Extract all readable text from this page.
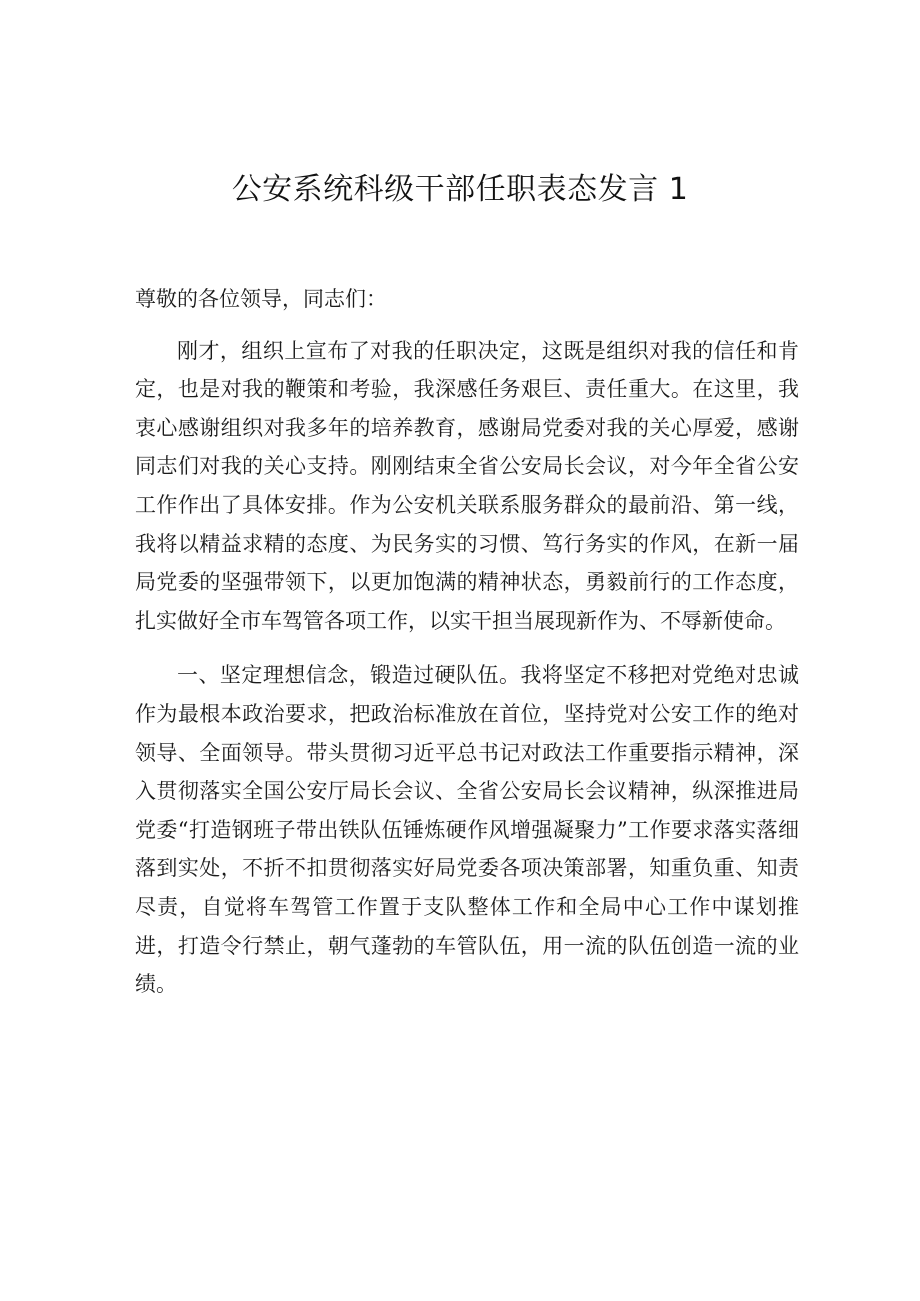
公安系统科级干部任职表态发言 1

尊敬的各位领导，同志们：

刚才，组织上宣布了对我的任职决定，这既是组织对我的信任和肯定，也是对我的鞭策和考验，我深感任务艰巨、责任重大。在这里，我衷心感谢组织对我多年的培养教育，感谢局党委对我的关心厚爱，感谢同志们对我的关心支持。刚刚结束全省公安局长会议，对今年全省公安工作作出了具体安排。作为公安机关联系服务群众的最前沿、第一线，我将以精益求精的态度、为民务实的习惯、笃行务实的作风，在新一届局党委的坚强带领下，以更加饱满的精神状态，勇毅前行的工作态度，扎实做好全市车驾管各项工作，以实干担当展现新作为、不辱新使命。

一、坚定理想信念，锻造过硬队伍。我将坚定不移把对党绝对忠诚作为最根本政治要求，把政治标准放在首位，坚持党对公安工作的绝对领导、全面领导。带头贯彻习近平总书记对政法工作重要指示精神，深入贯彻落实全国公安厅局长会议、全省公安局长会议精神，纵深推进局党委“打造钢班子带出铁队伍锤炼硬作风增强凝聚力”工作要求落实落细落到实处，不折不扣贯彻落实好局党委各项决策部署，知重负重、知责尽责，自觉将车驾管工作置于支队整体工作和全局中心工作中谋划推进，打造令行禁止，朝气蓬勃的车管队伍，用一流的队伍创造一流的业绩。
